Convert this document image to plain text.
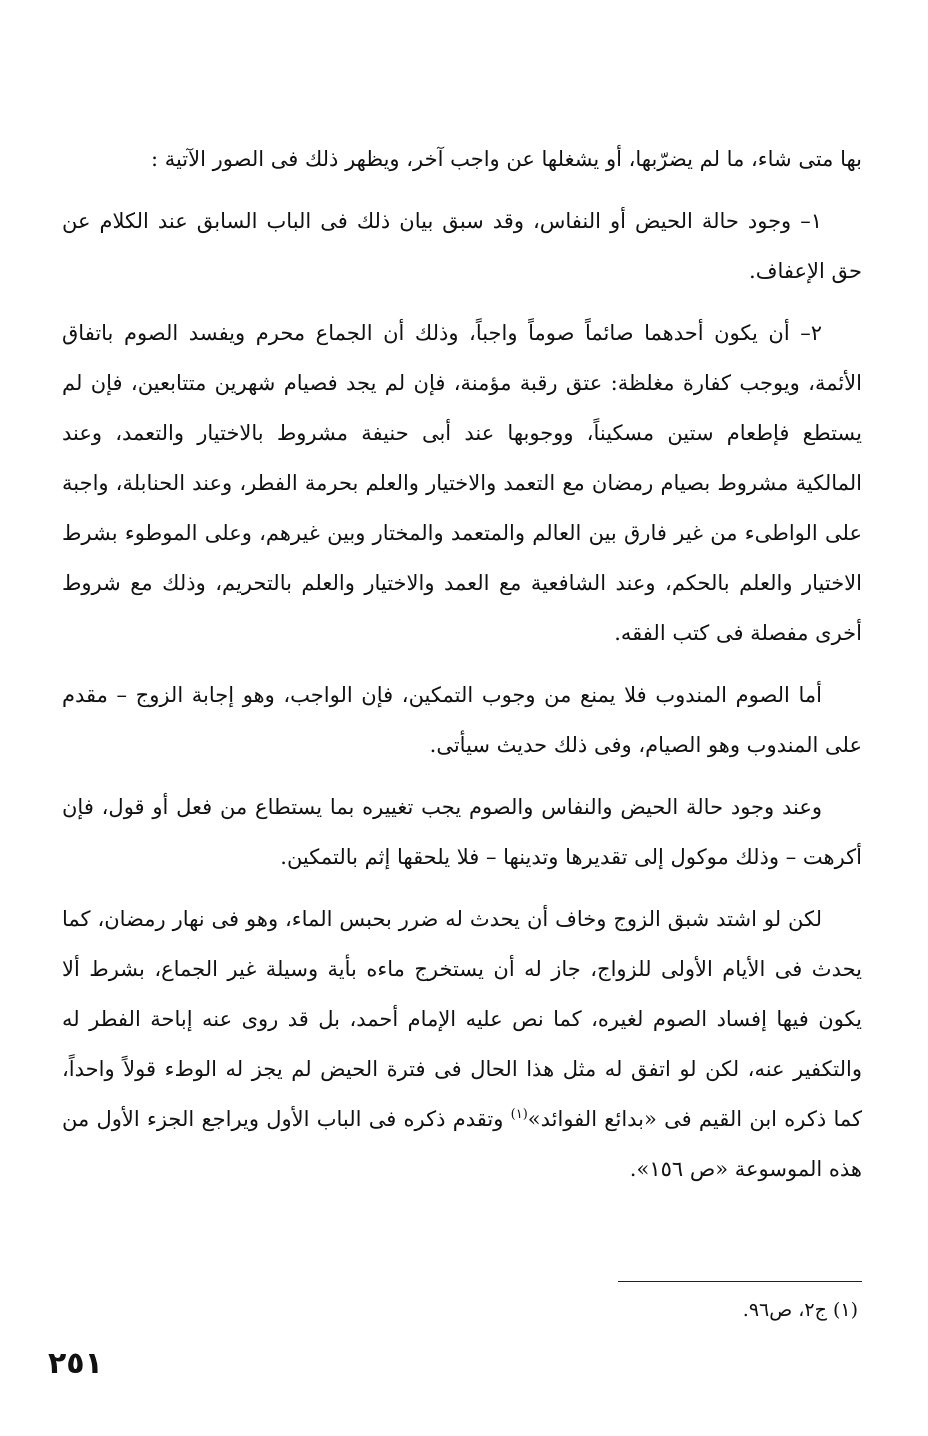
بها متى شاء، ما لم يضرّبها، أو يشغلها عن واجب آخر، ويظهر ذلك فى الصور الآتية :

١– وجود حالة الحيض أو النفاس، وقد سبق بيان ذلك فى الباب السابق عند الكلام عن حق الإعفاف.

٢– أن يكون أحدهما صائماً صوماً واجباً، وذلك أن الجماع محرم ويفسد الصوم باتفاق الأئمة، ويوجب كفارة مغلظة: عتق رقبة مؤمنة، فإن لم يجد فصيام شهرين متتابعين، فإن لم يستطع فإطعام ستين مسكيناً، ووجوبها عند أبى حنيفة مشروط بالاختيار والتعمد، وعند المالكية مشروط بصيام رمضان مع التعمد والاختيار والعلم بحرمة الفطر، وعند الحنابلة، واجبة على الواطىء من غير فارق بين العالم والمتعمد والمختار وبين غيرهم، وعلى الموطوء بشرط الاختيار والعلم بالحكم، وعند الشافعية مع العمد والاختيار والعلم بالتحريم، وذلك مع شروط أخرى مفصلة فى كتب الفقه.

أما الصوم المندوب فلا يمنع من وجوب التمكين، فإن الواجب، وهو إجابة الزوج – مقدم على المندوب وهو الصيام، وفى ذلك حديث سيأتى.

وعند وجود حالة الحيض والنفاس والصوم يجب تغييره بما يستطاع من فعل أو قول، فإن أكرهت – وذلك موكول إلى تقديرها وتدينها – فلا يلحقها إثم بالتمكين.

لكن لو اشتد شبق الزوج وخاف أن يحدث له ضرر بحبس الماء، وهو فى نهار رمضان، كما يحدث فى الأيام الأولى للزواج، جاز له أن يستخرج ماءه بأية وسيلة غير الجماع، بشرط ألا يكون فيها إفساد الصوم لغيره، كما نص عليه الإمام أحمد، بل قد روى عنه إباحة الفطر له والتكفير عنه، لكن لو اتفق له مثل هذا الحال فى فترة الحيض لم يجز له الوطء قولاً واحداً، كما ذكره ابن القيم فى «بدائع الفوائد»$^{(١)}$ وتقدم ذكره فى الباب الأول ويراجع الجزء الأول من هذه الموسوعة «ص ١٥٦».

(١) ج٢، ص٩٦.
٢٥١
